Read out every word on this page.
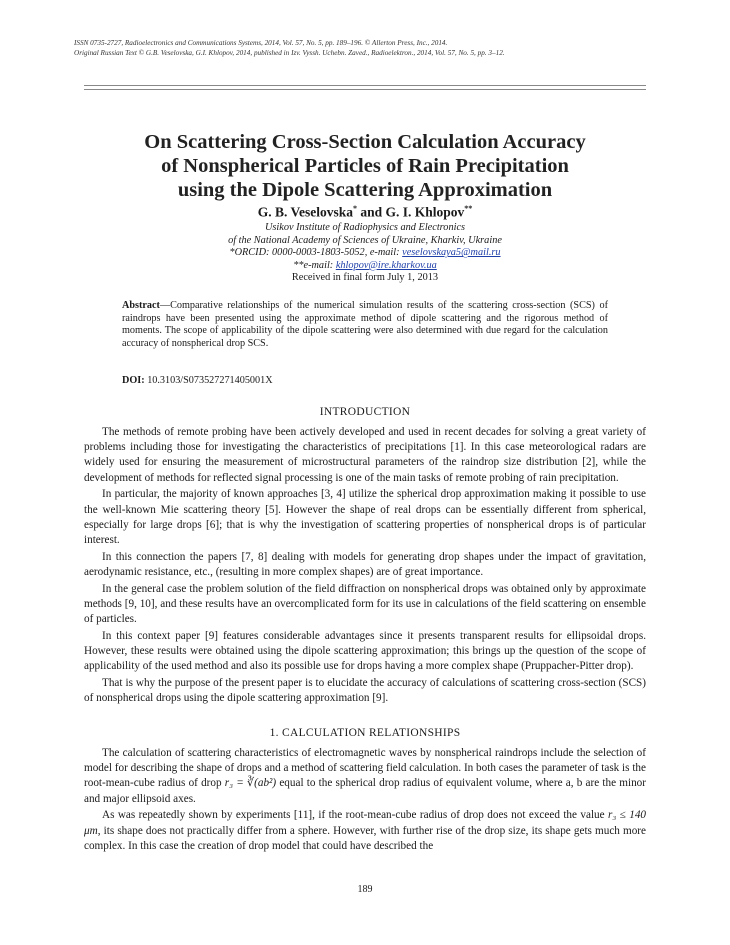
ISSN 0735-2727, Radioelectronics and Communications Systems, 2014, Vol. 57, No. 5, pp. 189–196. © Allerton Press, Inc., 2014.
Original Russian Text © G.B. Veselovska, G.I. Khlopov, 2014, published in Izv. Vyssh. Uchebn. Zaved., Radioelektron., 2014, Vol. 57, No. 5, pp. 3–12.
On Scattering Cross-Section Calculation Accuracy
of Nonspherical Particles of Rain Precipitation
using the Dipole Scattering Approximation
G. B. Veselovska* and G. I. Khlopov**
Usikov Institute of Radiophysics and Electronics
of the National Academy of Sciences of Ukraine, Kharkiv, Ukraine
*ORCID: 0000-0003-1803-5052, e-mail: veselovskaya5@mail.ru
**e-mail: khlopov@ire.kharkov.ua
Received in final form July 1, 2013
Abstract—Comparative relationships of the numerical simulation results of the scattering cross-section (SCS) of raindrops have been presented using the approximate method of dipole scattering and the rigorous method of moments. The scope of applicability of the dipole scattering were also determined with due regard for the calculation accuracy of nonspherical drop SCS.
DOI: 10.3103/S073527271405001X
INTRODUCTION

The methods of remote probing have been actively developed and used in recent decades for solving a great variety of problems including those for investigating the characteristics of precipitations [1]. In this case meteorological radars are widely used for ensuring the measurement of microstructural parameters of the raindrop size distribution [2], while the development of methods for reflected signal processing is one of the main tasks of remote probing of rain precipitation.

In particular, the majority of known approaches [3, 4] utilize the spherical drop approximation making it possible to use the well-known Mie scattering theory [5]. However the shape of real drops can be essentially different from spherical, especially for large drops [6]; that is why the investigation of scattering properties of nonspherical drops is of particular interest.

In this connection the papers [7, 8] dealing with models for generating drop shapes under the impact of gravitation, aerodynamic resistance, etc., (resulting in more complex shapes) are of great importance.

In the general case the problem solution of the field diffraction on nonspherical drops was obtained only by approximate methods [9, 10], and these results have an overcomplicated form for its use in calculations of the field scattering on ensemble of particles.

In this context paper [9] features considerable advantages since it presents transparent results for ellipsoidal drops. However, these results were obtained using the dipole scattering approximation; this brings up the question of the scope of applicability of the used method and also its possible use for drops having a more complex shape (Pruppacher-Pitter drop).

That is why the purpose of the present paper is to elucidate the accuracy of calculations of scattering cross-section (SCS) of nonspherical drops using the dipole scattering approximation [9].

1. CALCULATION RELATIONSHIPS

The calculation of scattering characteristics of electromagnetic waves by nonspherical raindrops include the selection of model for describing the shape of drops and a method of scattering field calculation. In both cases the parameter of task is the root-mean-cube radius of drop r₃ = ∛(ab²) equal to the spherical drop radius of equivalent volume, where a, b are the minor and major ellipsoid axes.

As was repeatedly shown by experiments [11], if the root-mean-cube radius of drop does not exceed the value r₃ ≤ 140 μm, its shape does not practically differ from a sphere. However, with further rise of the drop size, its shape gets much more complex. In this case the creation of drop model that could have described the

189
